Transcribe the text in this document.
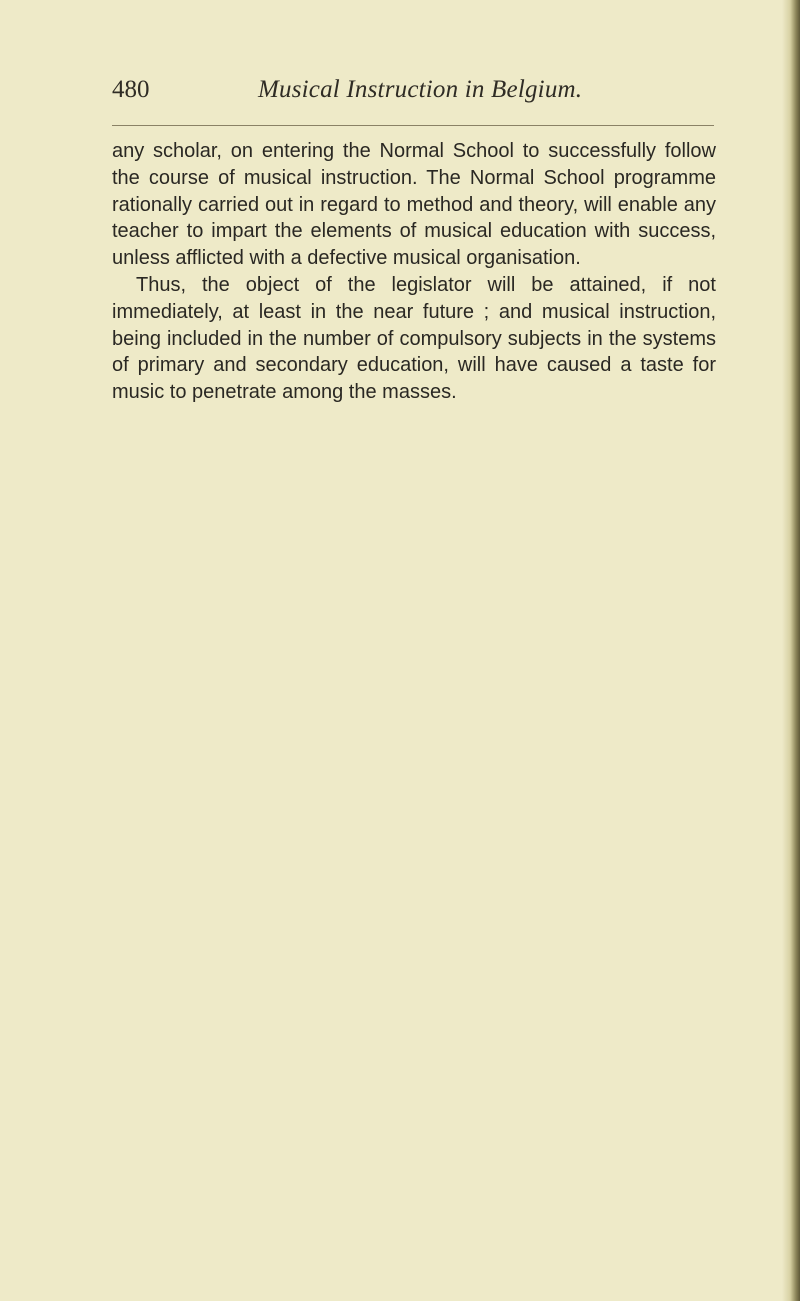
480	Musical Instruction in Belgium.

any scholar, on entering the Normal School to successfully follow the course of musical instruction. The Normal School programme rationally carried out in regard to method and theory, will enable any teacher to impart the elements of musical education with success, unless afflicted with a defective musical organisation.

Thus, the object of the legislator will be attained, if not immediately, at least in the near future ; and musical instruction, being included in the number of compulsory subjects in the systems of primary and secondary education, will have caused a taste for music to penetrate among the masses.
